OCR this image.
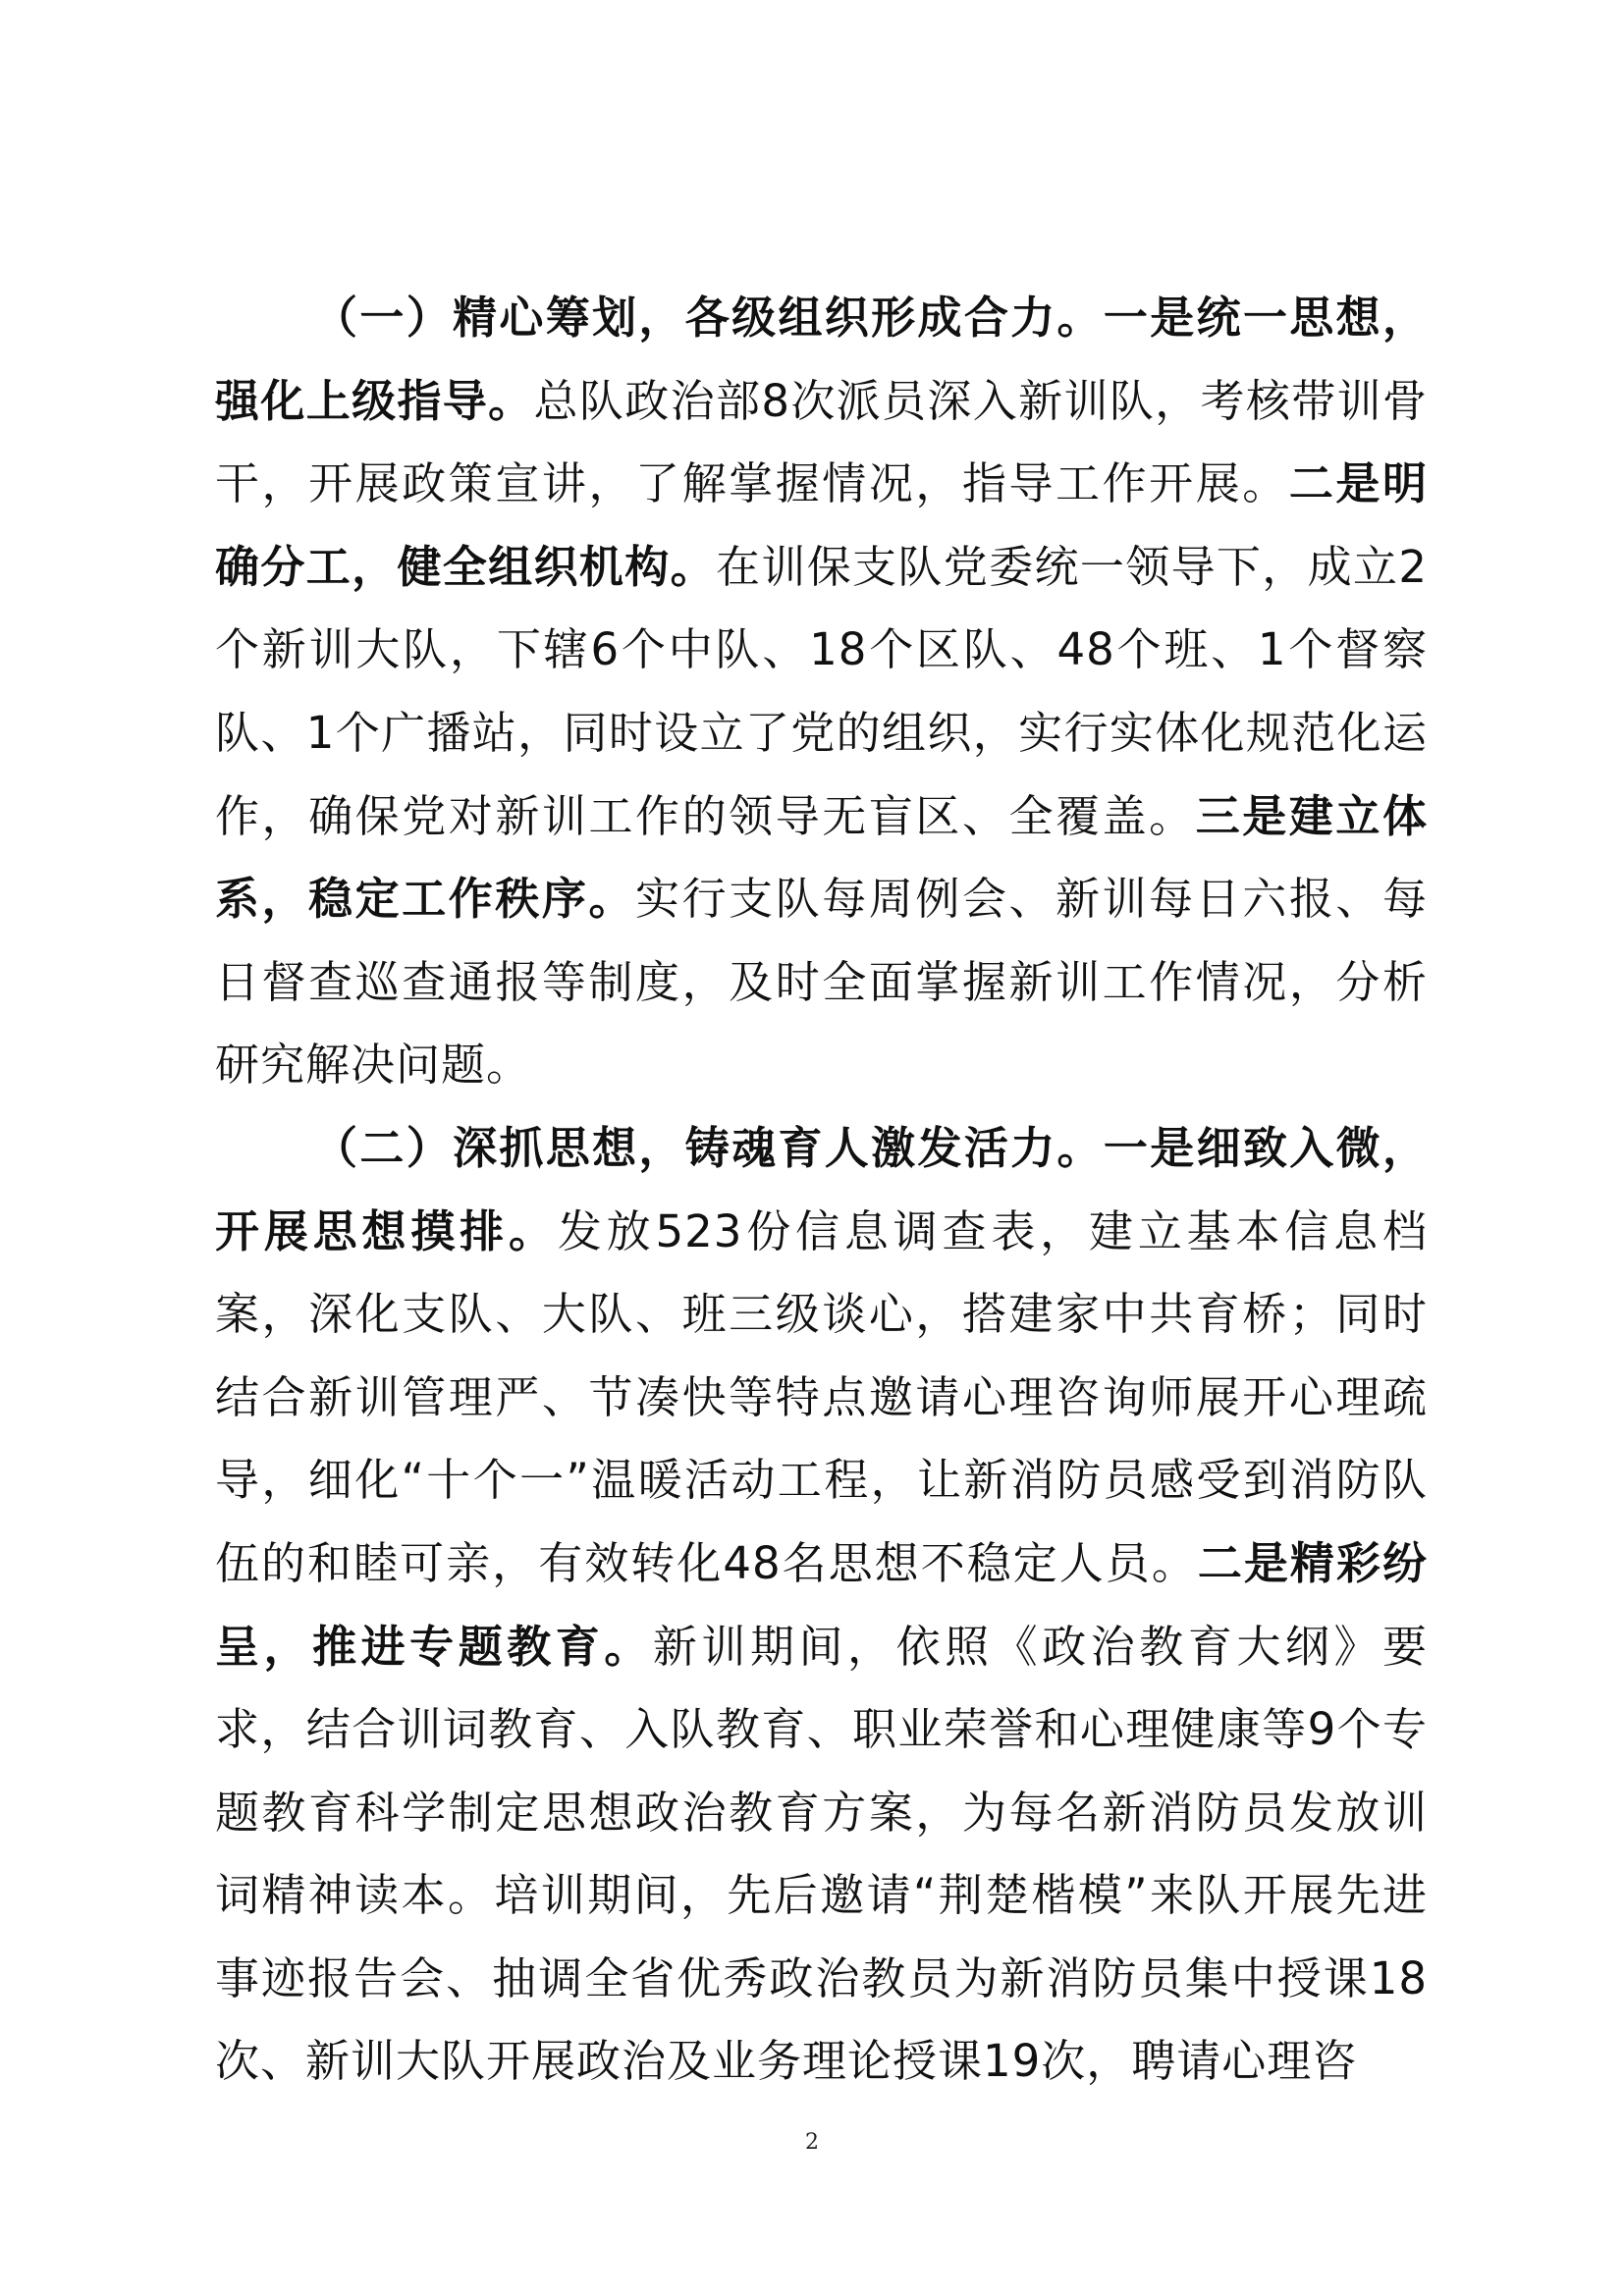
（一）精心筹划，各级组织形成合力。一是统一思想，强化上级指导。总队政治部8次派员深入新训队，考核带训骨干，开展政策宣讲，了解掌握情况，指导工作开展。二是明确分工，健全组织机构。在训保支队党委统一领导下，成立2个新训大队，下辖6个中队、18个区队、48个班、1个督察队、1个广播站，同时设立了党的组织，实行实体化规范化运作，确保党对新训工作的领导无盲区、全覆盖。三是建立体系，稳定工作秩序。实行支队每周例会、新训每日六报、每日督查巡查通报等制度，及时全面掌握新训工作情况，分析研究解决问题。

（二）深抓思想，铸魂育人激发活力。一是细致入微，开展思想摸排。发放523份信息调查表，建立基本信息档案，深化支队、大队、班三级谈心，搭建家中共育桥；同时结合新训管理严、节凑快等特点邀请心理咨询师展开心理疏导，细化“十个一”温暖活动工程，让新消防员感受到消防队伍的和睦可亲，有效转化48名思想不稳定人员。二是精彩纷呈，推进专题教育。新训期间，依照《政治教育大纲》要求，结合训词教育、入队教育、职业荣誉和心理健康等9个专题教育科学制定思想政治教育方案，为每名新消防员发放训词精神读本。培训期间，先后邀请“荆楚楷模”来队开展先进事迹报告会、抽调全省优秀政治教员为新消防员集中授课18次、新训大队开展政治及业务理论授课19次，聘请心理咨

2
